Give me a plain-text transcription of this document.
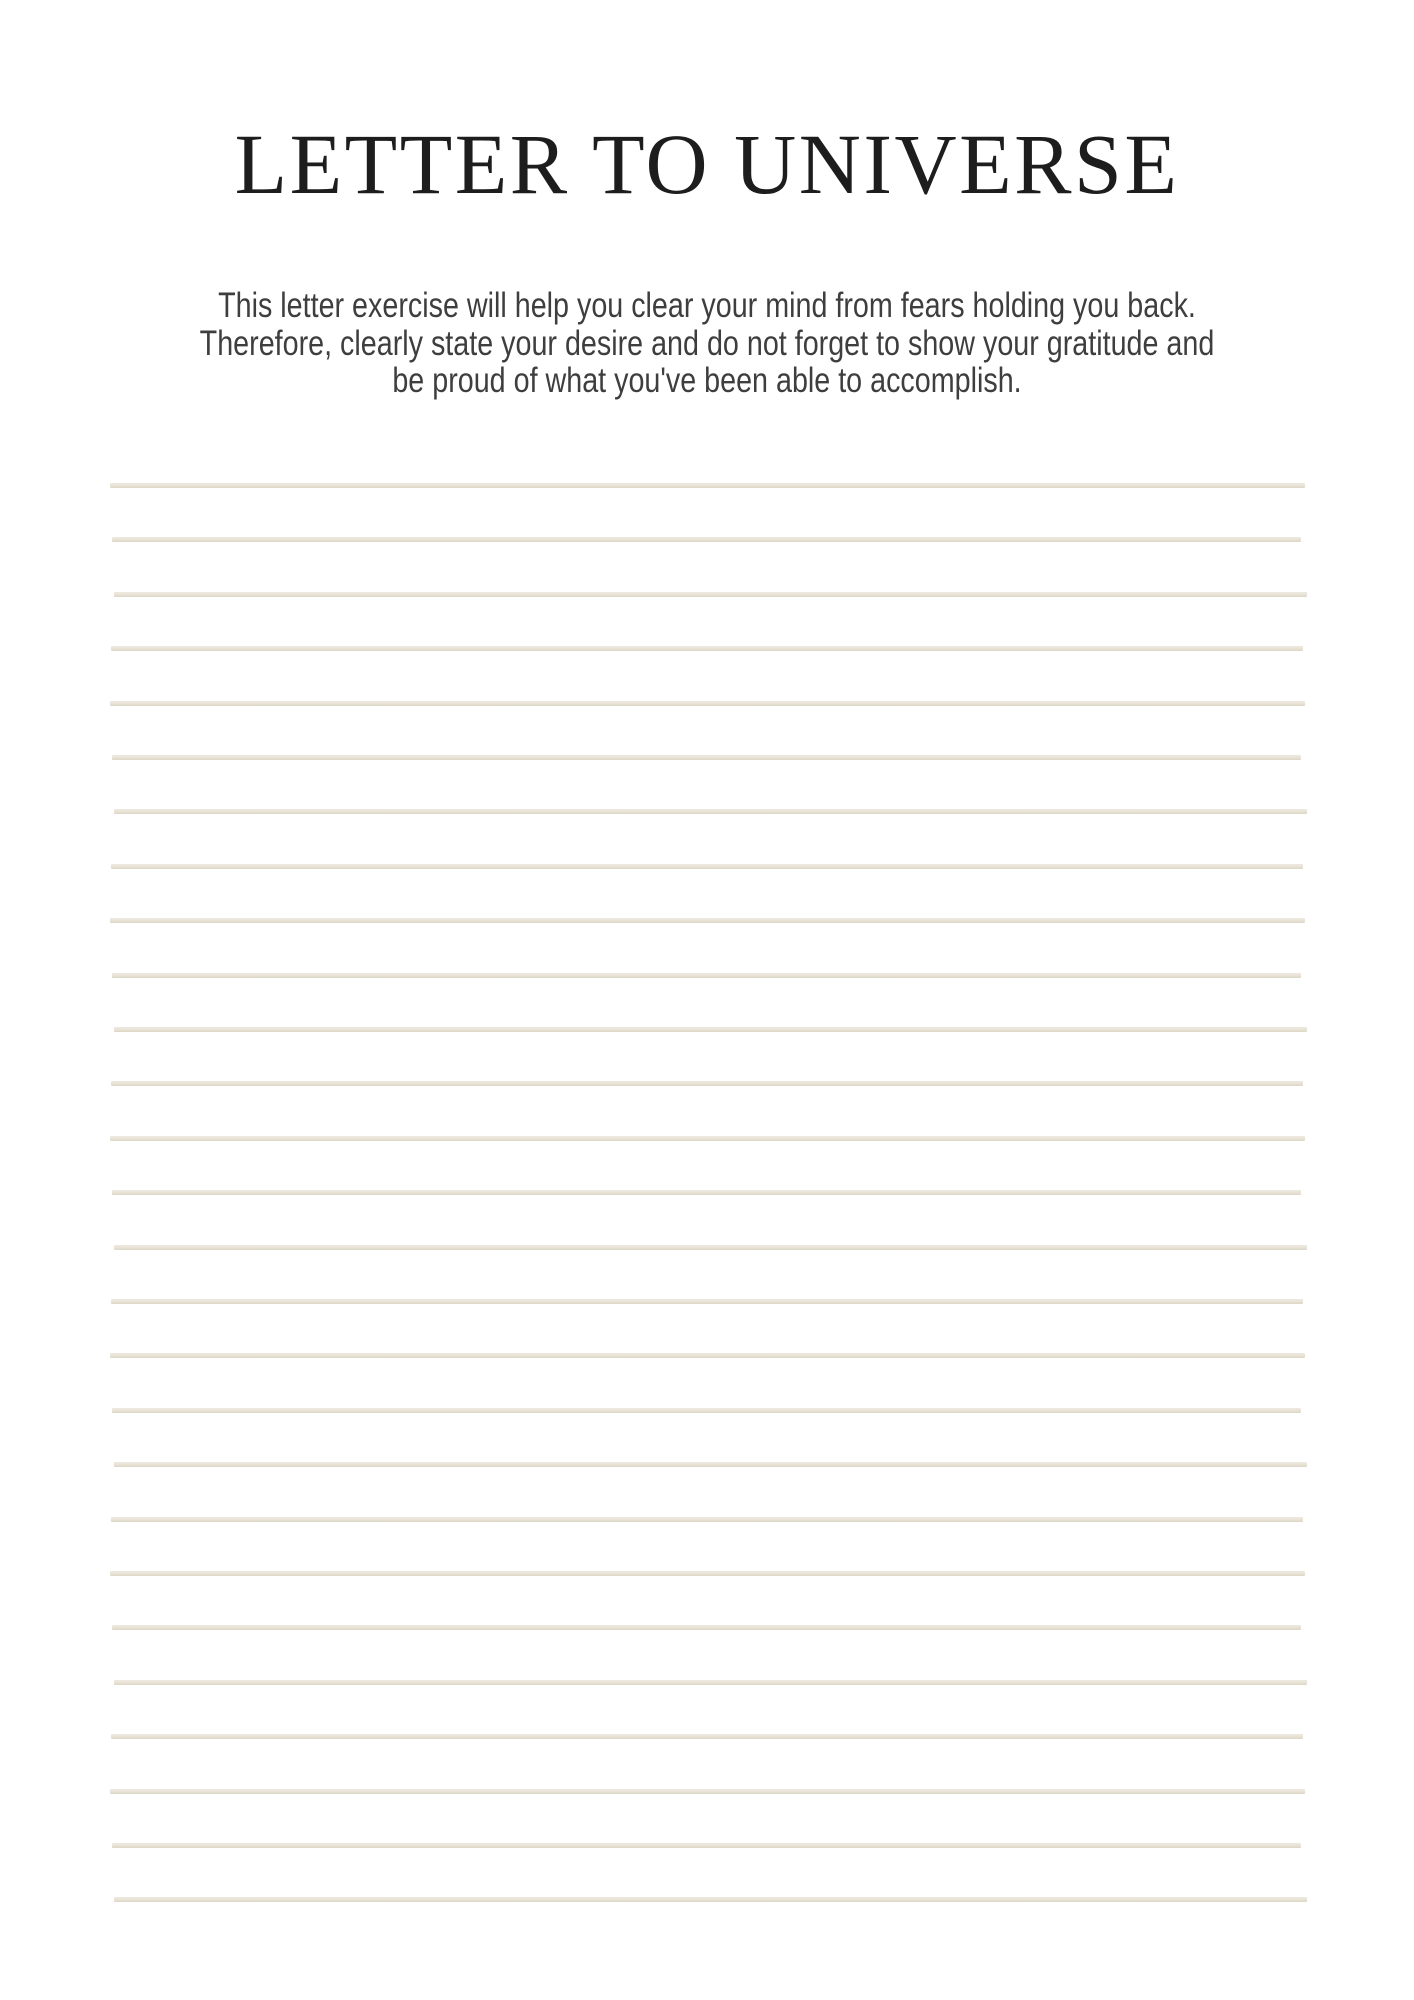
LETTER TO UNIVERSE
This letter exercise will help you clear your mind from fears holding you back.
Therefore, clearly state your desire and do not forget to show your gratitude and
be proud of what you've been able to accomplish.
